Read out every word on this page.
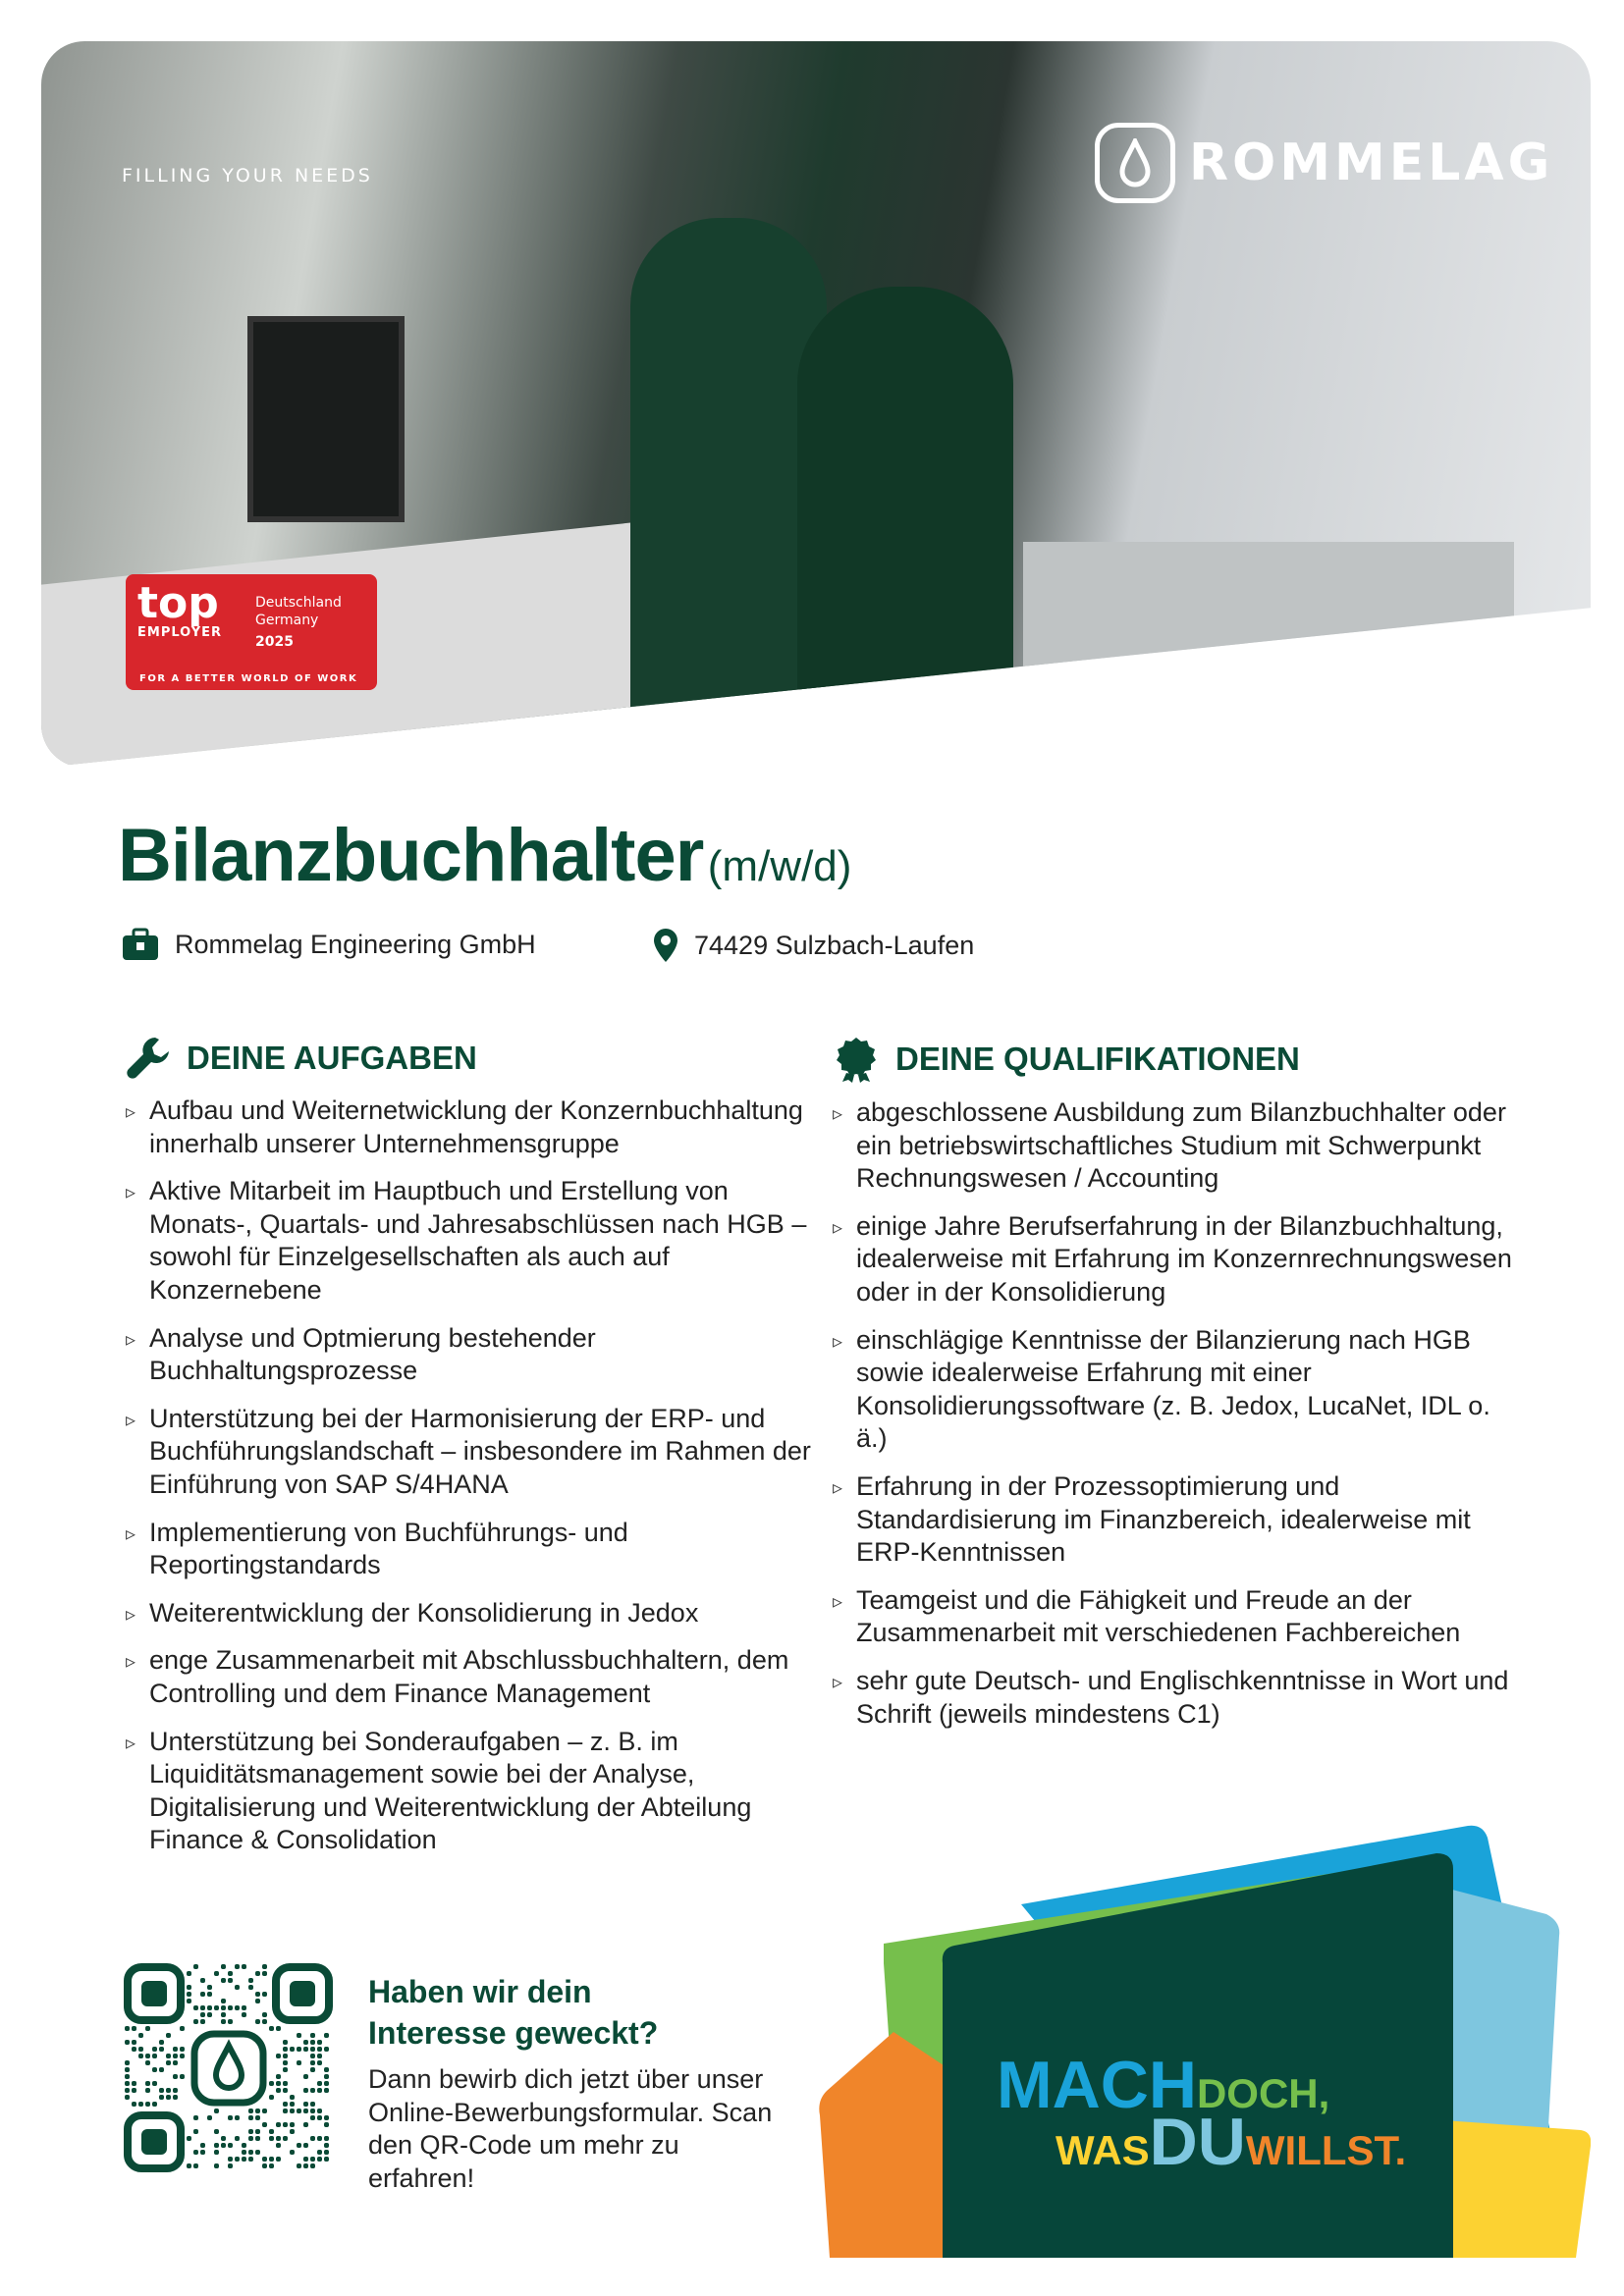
FILLING YOUR NEEDS	ROMMELAG
top
EMPLOYER
Deutschland
Germany
2025
FOR A BETTER WORLD OF WORK
Bilanzbuchhalter (m/w/d)
Rommelag Engineering GmbH	74429 Sulzbach-Laufen
DEINE AUFGABEN
▹ Aufbau und Weiternetwicklung der Konzernbuchhaltung innerhalb unserer Unternehmensgruppe
▹ Aktive Mitarbeit im Hauptbuch und Erstellung von Monats-, Quartals- und Jahresabschlüssen nach HGB – sowohl für Einzelgesellschaften als auch auf Konzernebene
▹ Analyse und Optmierung bestehender Buchhaltungsprozesse
▹ Unterstützung bei der Harmonisierung der ERP- und Buchführungslandschaft – insbesondere im Rahmen der Einführung von SAP S/4HANA
▹ Implementierung von Buchführungs- und Reportingstandards
▹ Weiterentwicklung der Konsolidierung in Jedox
▹ enge Zusammenarbeit mit Abschlussbuchhaltern, dem Controlling und dem Finance Management
▹ Unterstützung bei Sonderaufgaben – z. B. im Liquiditätsmanagement sowie bei der Analyse, Digitalisierung und Weiterentwicklung der Abteilung Finance & Consolidation
DEINE QUALIFIKATIONEN
▹ abgeschlossene Ausbildung zum Bilanzbuchhalter oder ein betriebswirtschaftliches Studium mit Schwerpunkt Rechnungswesen / Accounting
▹ einige Jahre Berufserfahrung in der Bilanzbuchhaltung, idealerweise mit Erfahrung im Konzernrechnungswesen oder in der Konsolidierung
▹ einschlägige Kenntnisse der Bilanzierung nach HGB sowie idealerweise Erfahrung mit einer Konsolidierungssoftware (z. B. Jedox, LucaNet, IDL o. ä.)
▹ Erfahrung in der Prozessoptimierung und Standardisierung im Finanzbereich, idealerweise mit ERP-Kenntnissen
▹ Teamgeist und die Fähigkeit und Freude an der Zusammenarbeit mit verschiedenen Fachbereichen
▹ sehr gute Deutsch- und Englischkenntnisse in Wort und Schrift (jeweils mindestens C1)
Haben wir dein
Interesse geweckt?

Dann bewirb dich jetzt über unser Online-Bewerbungsformular. Scan den QR-Code um mehr zu erfahren!

MACHDOCH,
WASDUWILLST.
